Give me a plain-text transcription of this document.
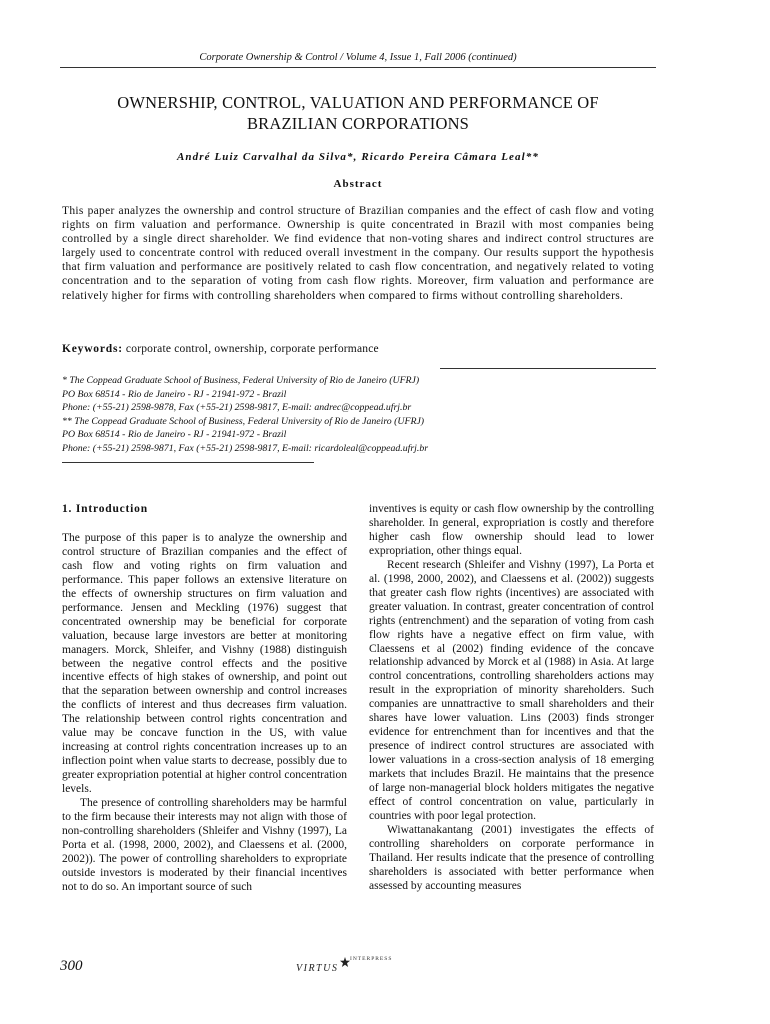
Corporate Ownership & Control / Volume 4, Issue 1, Fall 2006 (continued)
OWNERSHIP, CONTROL, VALUATION AND PERFORMANCE OF
BRAZILIAN CORPORATIONS
André Luiz Carvalhal da Silva*, Ricardo Pereira Câmara Leal**
Abstract
This paper analyzes the ownership and control structure of Brazilian companies and the effect of cash flow and voting rights on firm valuation and performance. Ownership is quite concentrated in Brazil with most companies being controlled by a single direct shareholder. We find evidence that non-voting shares and indirect control structures are largely used to concentrate control with reduced overall investment in the company. Our results support the hypothesis that firm valuation and performance are positively related to cash flow concentration, and negatively related to voting concentration and to the separation of voting from cash flow rights. Moreover, firm valuation and performance are relatively higher for firms with controlling shareholders when compared to firms without controlling shareholders.
Keywords: corporate control, ownership, corporate performance
* The Coppead Graduate School of Business, Federal University of Rio de Janeiro (UFRJ)
PO Box 68514 - Rio de Janeiro - RJ - 21941-972 - Brazil
Phone: (+55-21) 2598-9878, Fax (+55-21) 2598-9817, E-mail: andrec@coppead.ufrj.br
** The Coppead Graduate School of Business, Federal University of Rio de Janeiro (UFRJ)
PO Box 68514 - Rio de Janeiro - RJ - 21941-972 - Brazil
Phone: (+55-21) 2598-9871, Fax (+55-21) 2598-9817, E-mail: ricardoleal@coppead.ufrj.br

1. Introduction

The purpose of this paper is to analyze the ownership and control structure of Brazilian companies and the effect of cash flow and voting rights on firm valuation and performance. This paper follows an extensive literature on the effects of ownership structures on firm valuation and performance. Jensen and Meckling (1976) suggest that concentrated ownership may be beneficial for corporate valuation, because large investors are better at monitoring managers. Morck, Shleifer, and Vishny (1988) distinguish between the negative control effects and the positive incentive effects of high stakes of ownership, and point out that the separation between ownership and control increases the conflicts of interest and thus decreases firm valuation. The relationship between control rights concentration and value may be concave function in the US, with value increasing at control rights concentration increases up to an inflection point when value starts to decrease, possibly due to greater expropriation potential at higher control concentration levels.

The presence of controlling shareholders may be harmful to the firm because their interests may not align with those of non-controlling shareholders (Shleifer and Vishny (1997), La Porta et al. (1998, 2000, 2002), and Claessens et al. (2000, 2002)). The power of controlling shareholders to expropriate outside investors is moderated by their financial incentives not to do so. An important source of such

inventives is equity or cash flow ownership by the controlling shareholder. In general, expropriation is costly and therefore higher cash flow ownership should lead to lower expropriation, other things equal.

Recent research (Shleifer and Vishny (1997), La Porta et al. (1998, 2000, 2002), and Claessens et al. (2002)) suggests that greater cash flow rights (incentives) are associated with greater valuation. In contrast, greater concentration of control rights (entrenchment) and the separation of voting from cash flow rights have a negative effect on firm value, with Claessens et al (2002) finding evidence of the concave relationship advanced by Morck et al (1988) in Asia. At large control concentrations, controlling shareholders actions may result in the expropriation of minority shareholders. Such companies are unnattractive to small shareholders and their shares have lower valuation. Lins (2003) finds stronger evidence for entrenchment than for incentives and that the presence of indirect control structures are associated with lower valuations in a cross-section analysis of 18 emerging markets that includes Brazil. He maintains that the presence of large non-managerial block holders mitigates the negative effect of control concentration on value, particularly in countries with poor legal protection.

Wiwattanakantang (2001) investigates the effects of controlling shareholders on corporate performance in Thailand. Her results indicate that the presence of controlling shareholders is associated with better performance when assessed by accounting measures

300	VIRTUS
INTERPRESS
